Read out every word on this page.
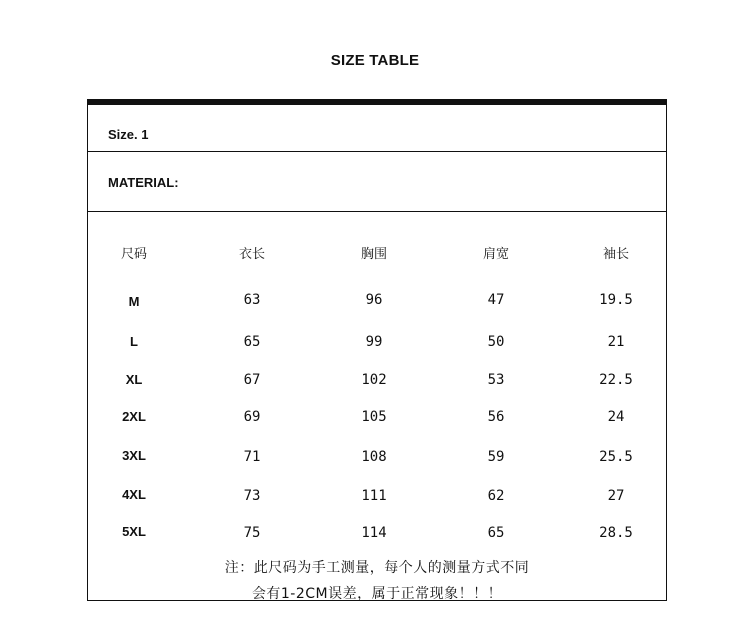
SIZE TABLE
Size. 1
MATERIAL:
尺码	衣长	胸围	肩宽	袖长
M	63	96	47	19.5
L	65	99	50	21
XL	67	102	53	22.5
2XL	69	105	56	24
3XL	71	108	59	25.5
4XL	73	111	62	27
5XL	75	114	65	28.5
注：此尺码为手工测量，每个人的测量方式不同
会有1-2CM误差，属于正常现象！！！
